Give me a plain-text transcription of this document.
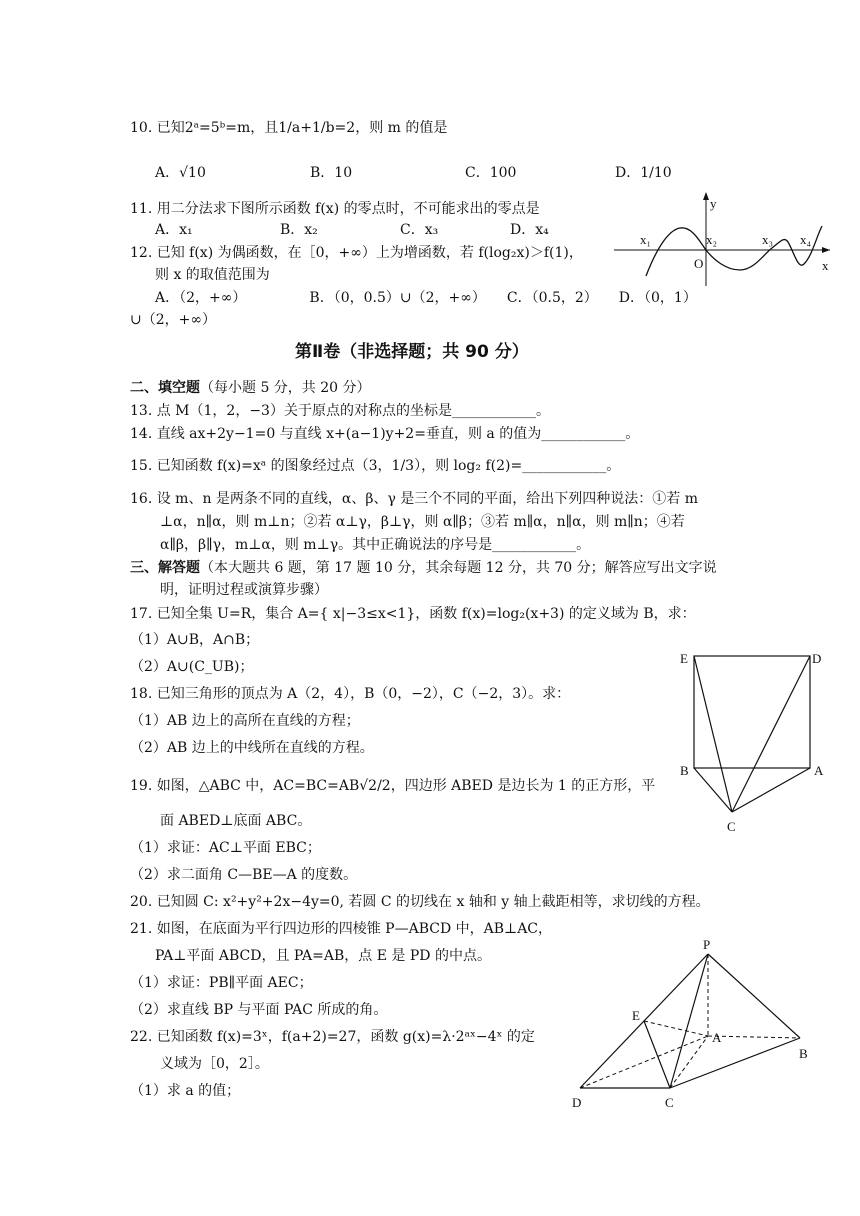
10. 已知2ᵃ=5ᵇ=m，且1/a+1/b=2，则 m 的值是
A．√10	B．10	C．100	D．1/10
11. 用二分法求下图所示函数 f(x) 的零点时，不可能求出的零点是
A．x₁	B．x₂	C．x₃	D．x₄
12. 已知 f(x) 为偶函数，在［0，+∞）上为增函数，若 f(log₂x)＞f(1)，
则 x 的取值范围为
A．（2，+∞）　　　　　B．（0，0.5）∪（2，+∞）　　C．（0.5，2）　　D．（0，1）
∪（2，+∞）
y
x
O
x₁	x₂	x₃ x₄
第Ⅱ卷（非选择题；共 90 分）
二、填空题（每小题 5 分，共 20 分）
13. 点 M（1，2，−3）关于原点的对称点的坐标是____________。
14. 直线 ax+2y−1=0 与直线 x+(a−1)y+2=垂直，则 a 的值为____________。
15. 已知函数 f(x)=xᵃ 的图象经过点（3，1/3），则 log₂ f(2)=____________。
16. 设 m、n 是两条不同的直线，α、β、γ 是三个不同的平面，给出下列四种说法：①若 m
⊥α，n∥α，则 m⊥n；②若 α⊥γ，β⊥γ，则 α∥β；③若 m∥α，n∥α，则 m∥n；④若
α∥β，β∥γ，m⊥α，则 m⊥γ。其中正确说法的序号是____________。
三、解答题（本大题共 6 题，第 17 题 10 分，其余每题 12 分，共 70 分；解答应写出文字说
明，证明过程或演算步骤）
17. 已知全集 U=R，集合 A={ x|−3≤x<1}，函数 f(x)=log₂(x+3) 的定义域为 B，求：
（1）A∪B，A∩B；
（2）A∪(C_UB)；
18. 已知三角形的顶点为 A（2，4），B（0，−2），C（−2，3）。求：
（1）AB 边上的高所在直线的方程；
（2）AB 边上的中线所在直线的方程。
19. 如图，△ABC 中，AC=BC=AB√2/2，四边形 ABED 是边长为 1 的正方形，平
面 ABED⊥底面 ABC。
（1）求证：AC⊥平面 EBC；
（2）求二面角 C—BE—A 的度数。
20. 已知圆 C: x²+y²+2x−4y=0, 若圆 C 的切线在 x 轴和 y 轴上截距相等，求切线的方程。
21. 如图，在底面为平行四边形的四棱锥 P—ABCD 中，AB⊥AC，
PA⊥平面 ABCD，且 PA=AB，点 E 是 PD 的中点。
（1）求证：PB∥平面 AEC；
（2）求直线 BP 与平面 PAC 所成的角。
22. 已知函数 f(x)=3ˣ，f(a+2)=27，函数 g(x)=λ·2ᵃˣ−4ˣ 的定
义域为［0，2］。
（1）求 a 的值；
E	D
B	A
C
P
E
A
B
D	C
